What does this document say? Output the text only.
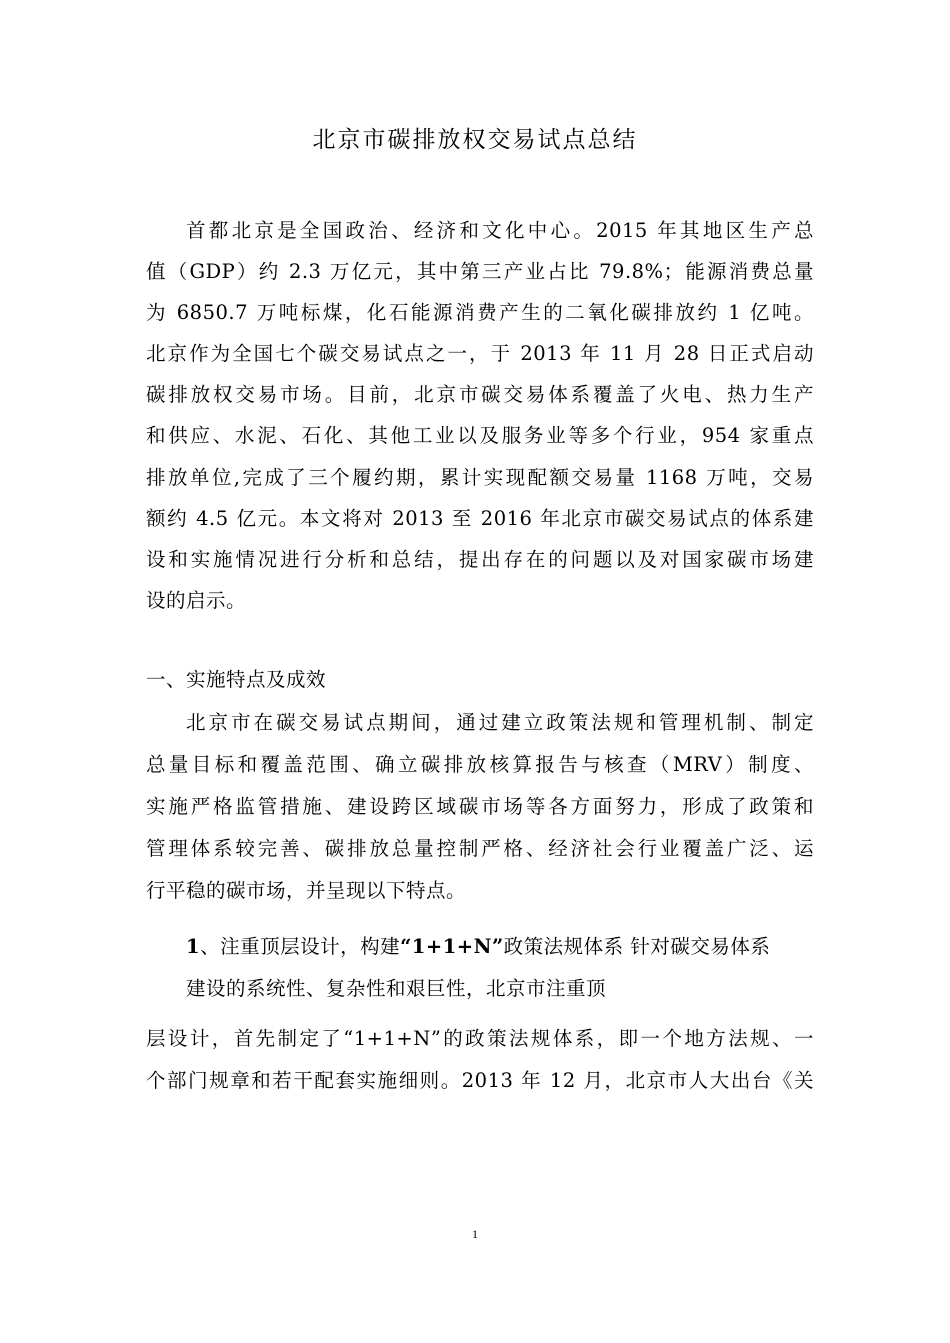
北京市碳排放权交易试点总结
首都北京是全国政治、经济和文化中心。2015 年其地区生产总
值（GDP）约 2.3 万亿元，其中第三产业占比 79.8%；能源消费总量
为 6850.7 万吨标煤，化石能源消费产生的二氧化碳排放约 1 亿吨。
北京作为全国七个碳交易试点之一，于 2013 年 11 月 28 日正式启动
碳排放权交易市场。目前，北京市碳交易体系覆盖了火电、热力生产
和供应、水泥、石化、其他工业以及服务业等多个行业，954 家重点
排放单位,完成了三个履约期，累计实现配额交易量 1168 万吨，交易
额约 4.5 亿元。本文将对 2013 至 2016 年北京市碳交易试点的体系建
设和实施情况进行分析和总结，提出存在的问题以及对国家碳市场建
设的启示。
一、实施特点及成效
北京市在碳交易试点期间，通过建立政策法规和管理机制、制定
总量目标和覆盖范围、确立碳排放核算报告与核查（MRV）制度、
实施严格监管措施、建设跨区域碳市场等各方面努力，形成了政策和
管理体系较完善、碳排放总量控制严格、经济社会行业覆盖广泛、运
行平稳的碳市场，并呈现以下特点。
1、注重顶层设计，构建“1+1+N”政策法规体系 针对碳交易体系
建设的系统性、复杂性和艰巨性，北京市注重顶
层设计，首先制定了“1+1+N”的政策法规体系，即一个地方法规、一
个部门规章和若干配套实施细则。2013 年 12 月，北京市人大出台《关
1
